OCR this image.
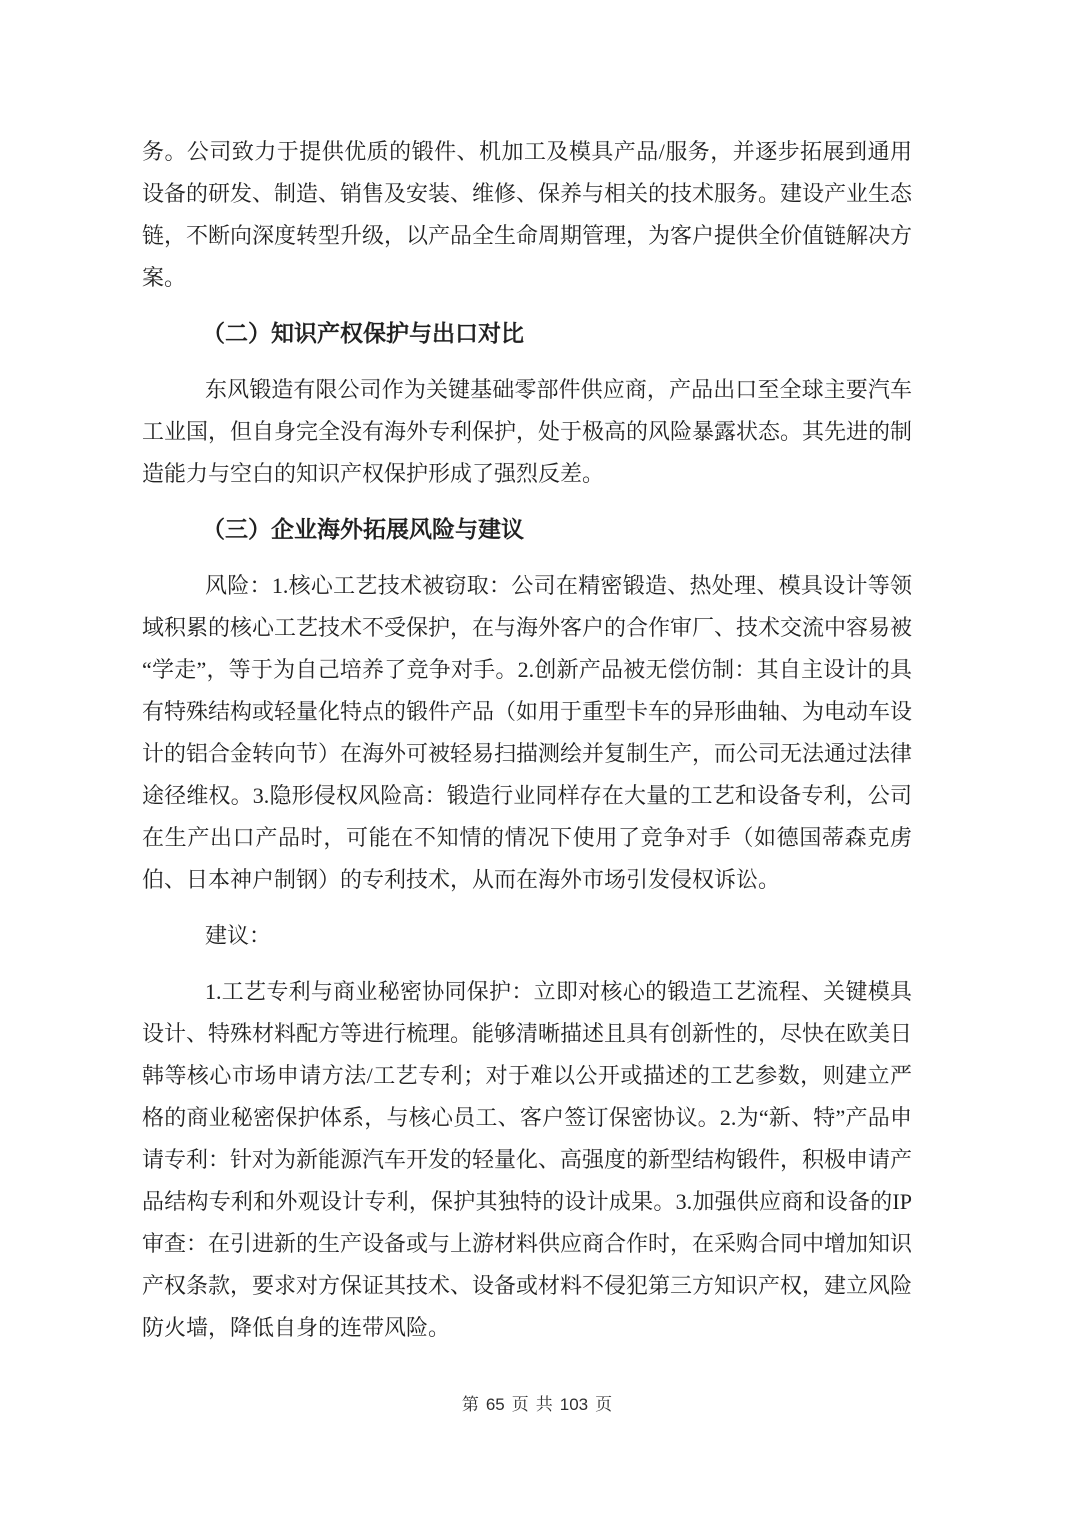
务。公司致力于提供优质的锻件、机加工及模具产品/服务，并逐步拓展到通用设备的研发、制造、销售及安装、维修、保养与相关的技术服务。建设产业生态链，不断向深度转型升级，以产品全生命周期管理，为客户提供全价值链解决方案。

（二）知识产权保护与出口对比

东风锻造有限公司作为关键基础零部件供应商，产品出口至全球主要汽车工业国，但自身完全没有海外专利保护，处于极高的风险暴露状态。其先进的制造能力与空白的知识产权保护形成了强烈反差。

（三）企业海外拓展风险与建议

风险：1.核心工艺技术被窃取：公司在精密锻造、热处理、模具设计等领域积累的核心工艺技术不受保护，在与海外客户的合作审厂、技术交流中容易被“学走”，等于为自己培养了竞争对手。2.创新产品被无偿仿制：其自主设计的具有特殊结构或轻量化特点的锻件产品（如用于重型卡车的异形曲轴、为电动车设计的铝合金转向节）在海外可被轻易扫描测绘并复制生产，而公司无法通过法律途径维权。3.隐形侵权风险高：锻造行业同样存在大量的工艺和设备专利，公司在生产出口产品时，可能在不知情的情况下使用了竞争对手（如德国蒂森克虏伯、日本神户制钢）的专利技术，从而在海外市场引发侵权诉讼。

建议：

1.工艺专利与商业秘密协同保护：立即对核心的锻造工艺流程、关键模具设计、特殊材料配方等进行梳理。能够清晰描述且具有创新性的，尽快在欧美日韩等核心市场申请方法/工艺专利；对于难以公开或描述的工艺参数，则建立严格的商业秘密保护体系，与核心员工、客户签订保密协议。2.为“新、特”产品申请专利：针对为新能源汽车开发的轻量化、高强度的新型结构锻件，积极申请产品结构专利和外观设计专利，保护其独特的设计成果。3.加强供应商和设备的IP 审查：在引进新的生产设备或与上游材料供应商合作时，在采购合同中增加知识产权条款，要求对方保证其技术、设备或材料不侵犯第三方知识产权，建立风险防火墙，降低自身的连带风险。

第 65 页 共 103 页
